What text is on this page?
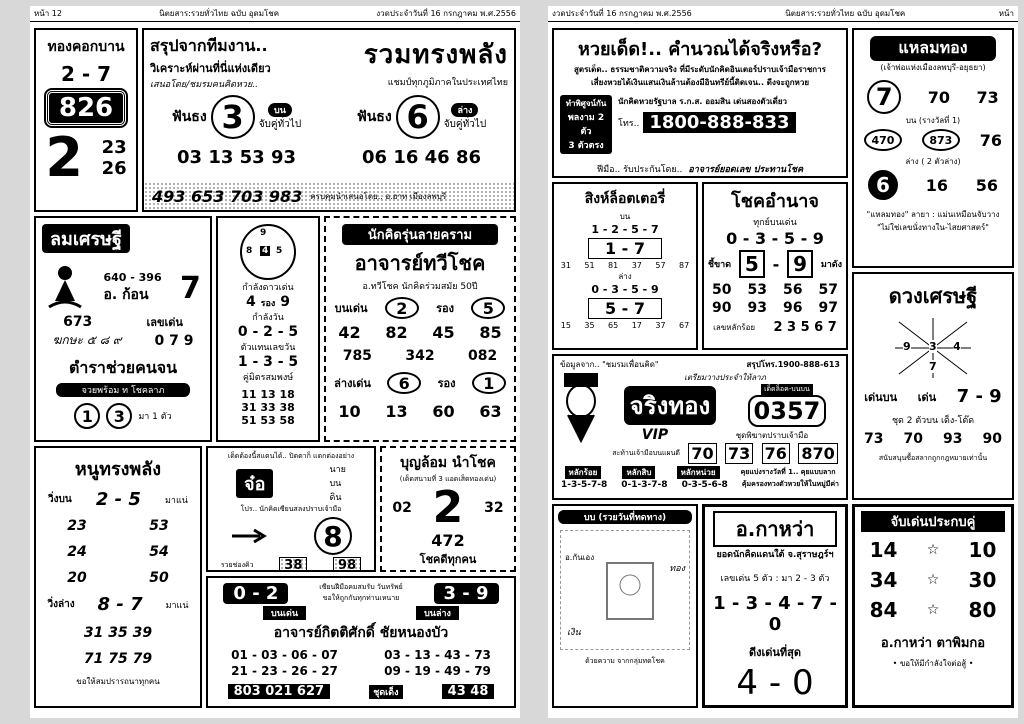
หน้า 12	นิตยสาร:รวยทั่วไทย ฉบับ อุดมโชค	งวดประจำวันที่ 16 กรกฎาคม พ.ศ.2556
ทองคอกบาน
2 - 7
826
2 23
26
สรุปจากทีมงาน..
วิเคราะห์ผ่านที่นี่แห่งเดียว
เสนอโดย/ชมรมคนคิดหวย..
รวมทรงพลัง
แชมป์ทุกภูมิภาคในประเทศไทย
ฟันธง 3	บน
จับคู่ทั่วไป	ฟันธง 6	ล่าง
จับคู่ทั่วไป
03 13 53 93	06 16 46 86
493 653 703 983 ครบคุมนำเสนอโดย.. อ.ฮาท เมืองลพบุรี
ลมเศรษฐี
640 - 396
อ. ก้อน	7
673	เลขเด่น
ฆกษะ ๕ ๘ ๙ 0 7 9
ตำราช่วยคนจน
จวยพร้อม ท โชคลาภ
1	3	มา 1 ตัว
9
8 4 5
กำลังดาวเด่น
4 รอง 9
กำลังวัน
0 - 2 - 5
ตัวแทนเลขวัน
1 - 3 - 5
คู่มิตรสมพงษ์
11 13 18
31 33 38
51 53 58
นักคิดรุ่นลายคราม
อาจารย์ทวีโชค
อ.ทวีโชค นักคิดร่วมสมัย 50ปี
บนเด่น	2	รอง	5
42 82 45 85
785 342 082
ล่างเด่น	6	รอง	1
10 13 60 63
หนูทรงพลัง
วิ่งบน 2 - 5	มาแน่
23	53
24	54
20	50
วิ่งล่าง 8 - 7	มาแน่
31 35 39
71 75 79
ขอให้สมปรารถนาทุกคน
เด็ดต้องนี้สแตนได้.. ปิดตาก็ แตกต่องอย่าง
จ๋อ
นาย
บน
ดิน
โปร.. นักคิดเซียนสลงปราบเจ้ามือ
8
รวยช่องคิว	38	98
บุญล้อม นำโชค
(เด็ดสนามที่ 3 แอดเส็ดทองเด่น)
02 2 32
472
โชคดีทุกคน
0 - 2	เซียนฝีมือคมสมรับ วันทรัพย์
ขอให้ถูกกันทุกท่านเหนาย	3 - 9
บนเด่น	บนล่าง
อาจารย์กิตติศักดิ์ ชัยหนองบัว
01 - 03 - 06 - 07	03 - 13 - 43 - 73
21 - 23 - 26 - 27	09 - 19 - 49 - 79
803 021 627	ชุดเด็ง	43 48
งวดประจำวันที่ 16 กรกฎาคม พ.ศ.2556	นิตยสาร:รวยทั่วไทย ฉบับ อุดมโชค	หน้า
หวยเด็ด!.. คำนวณได้จริงหรือ?
สูตรเด็ด.. ธรรมชาติความจริง ที่มีระดับนักคิดอินเตอร์ปราบเจ้ามือราชการ
เสี่ยงหวยได้เงินแสนเงินล้านต้องมีอินทรีย์นี้ติดเจน.. ดีงจะถูกหวย
ทำพิศูจน์กัน
พลงาม 2 ตัว
3 ตัวตรง
นักคิดหวยรัฐบาล ร.ก.ส. ออมสิน เด่นสองตัวเดี่ยว
โทร.. 1800-888-833
ฟีมือ.. รับประกันโดย.. อาจารย์ยอดเลข ประทานโชค
แหลมทอง
(เจ้าพ่อแห่งเมืองลพบุรี-อยุธยา)
7	70 73
บน (รางวัลที่ 1)
470	873	76
ล่าง ( 2 ตัวล่าง)
6	16 56
"แหลมทอง" ลายา : แม่นเหมือนจับวาง
"ไม่ใช่เลขนั่งทางใน-ไสยศาสตร์"
สิงห์ล็อตเตอรี่
บน
1 - 2 - 5 - 7
1 - 7
31 51 81 37 57 87
ล่าง
0 - 3 - 5 - 9
5 - 7
15 35 65 17 37 67
โชคอำนาจ
ทุกย์บนเด่น
0 - 3 - 5 - 9
ชี้ขาด 5 - 9	มาดัง
50 53 56 57
90 93 96 97
เลขหลักร้อย 2 3 5 6 7
ดวงเศรษฐี
9 3 4
7
เด่นบน เด่น 7 - 9
ชุด 2 ตัวบน เด็ง-โต๊ด
73 70 93 90
สนับสนุนซื้อสลากถูกกฎหมายเท่านั้น
ข้อมูลจาก.. "ชมรมเพื่อนคิด"	สรุปโทร.1900-888-613
เตรียมวางประจำให้ลาภ
จริงทอง
เด็ดล็อค-บนบน
0357
VIP	ชุดพิฆาตปราบเจ้ามือ
สะท้านเจ้ามือบนแผนดี 70 73 76 870
หลักร้อย	หลักสิบ	หลักหน่วย	คุยแบ่งรางวัลที่ 1.. คุยแบบลาก
1-3-5-7-8 0-1-3-7-8 0-3-5-6-8 คุ้มครองทวงตัวหวยให้ในหมู่มีค่า
บบ (รวยวันที่ทดทาง)
อ.กันเอง
ทอง
เงิน
ด้วยความ จากกลุ่มทดโชค
อ.กาหว่า
ยอดนักคิดแดนใต้ จ.สุราษฎร์ฯ
เลขเด่น 5 ตัว : มา 2 - 3 ตัว
1 - 3 - 4 - 7 - 0
ดีงเด่นที่สุด
4 - 0
จับเด่นประกบคู่
14 ☆ 10
34 ☆ 30
84 ☆ 80
อ.กาหว่า ตาพิมกอ
• ขอให้มีกำลังใจต่อสู้ •
